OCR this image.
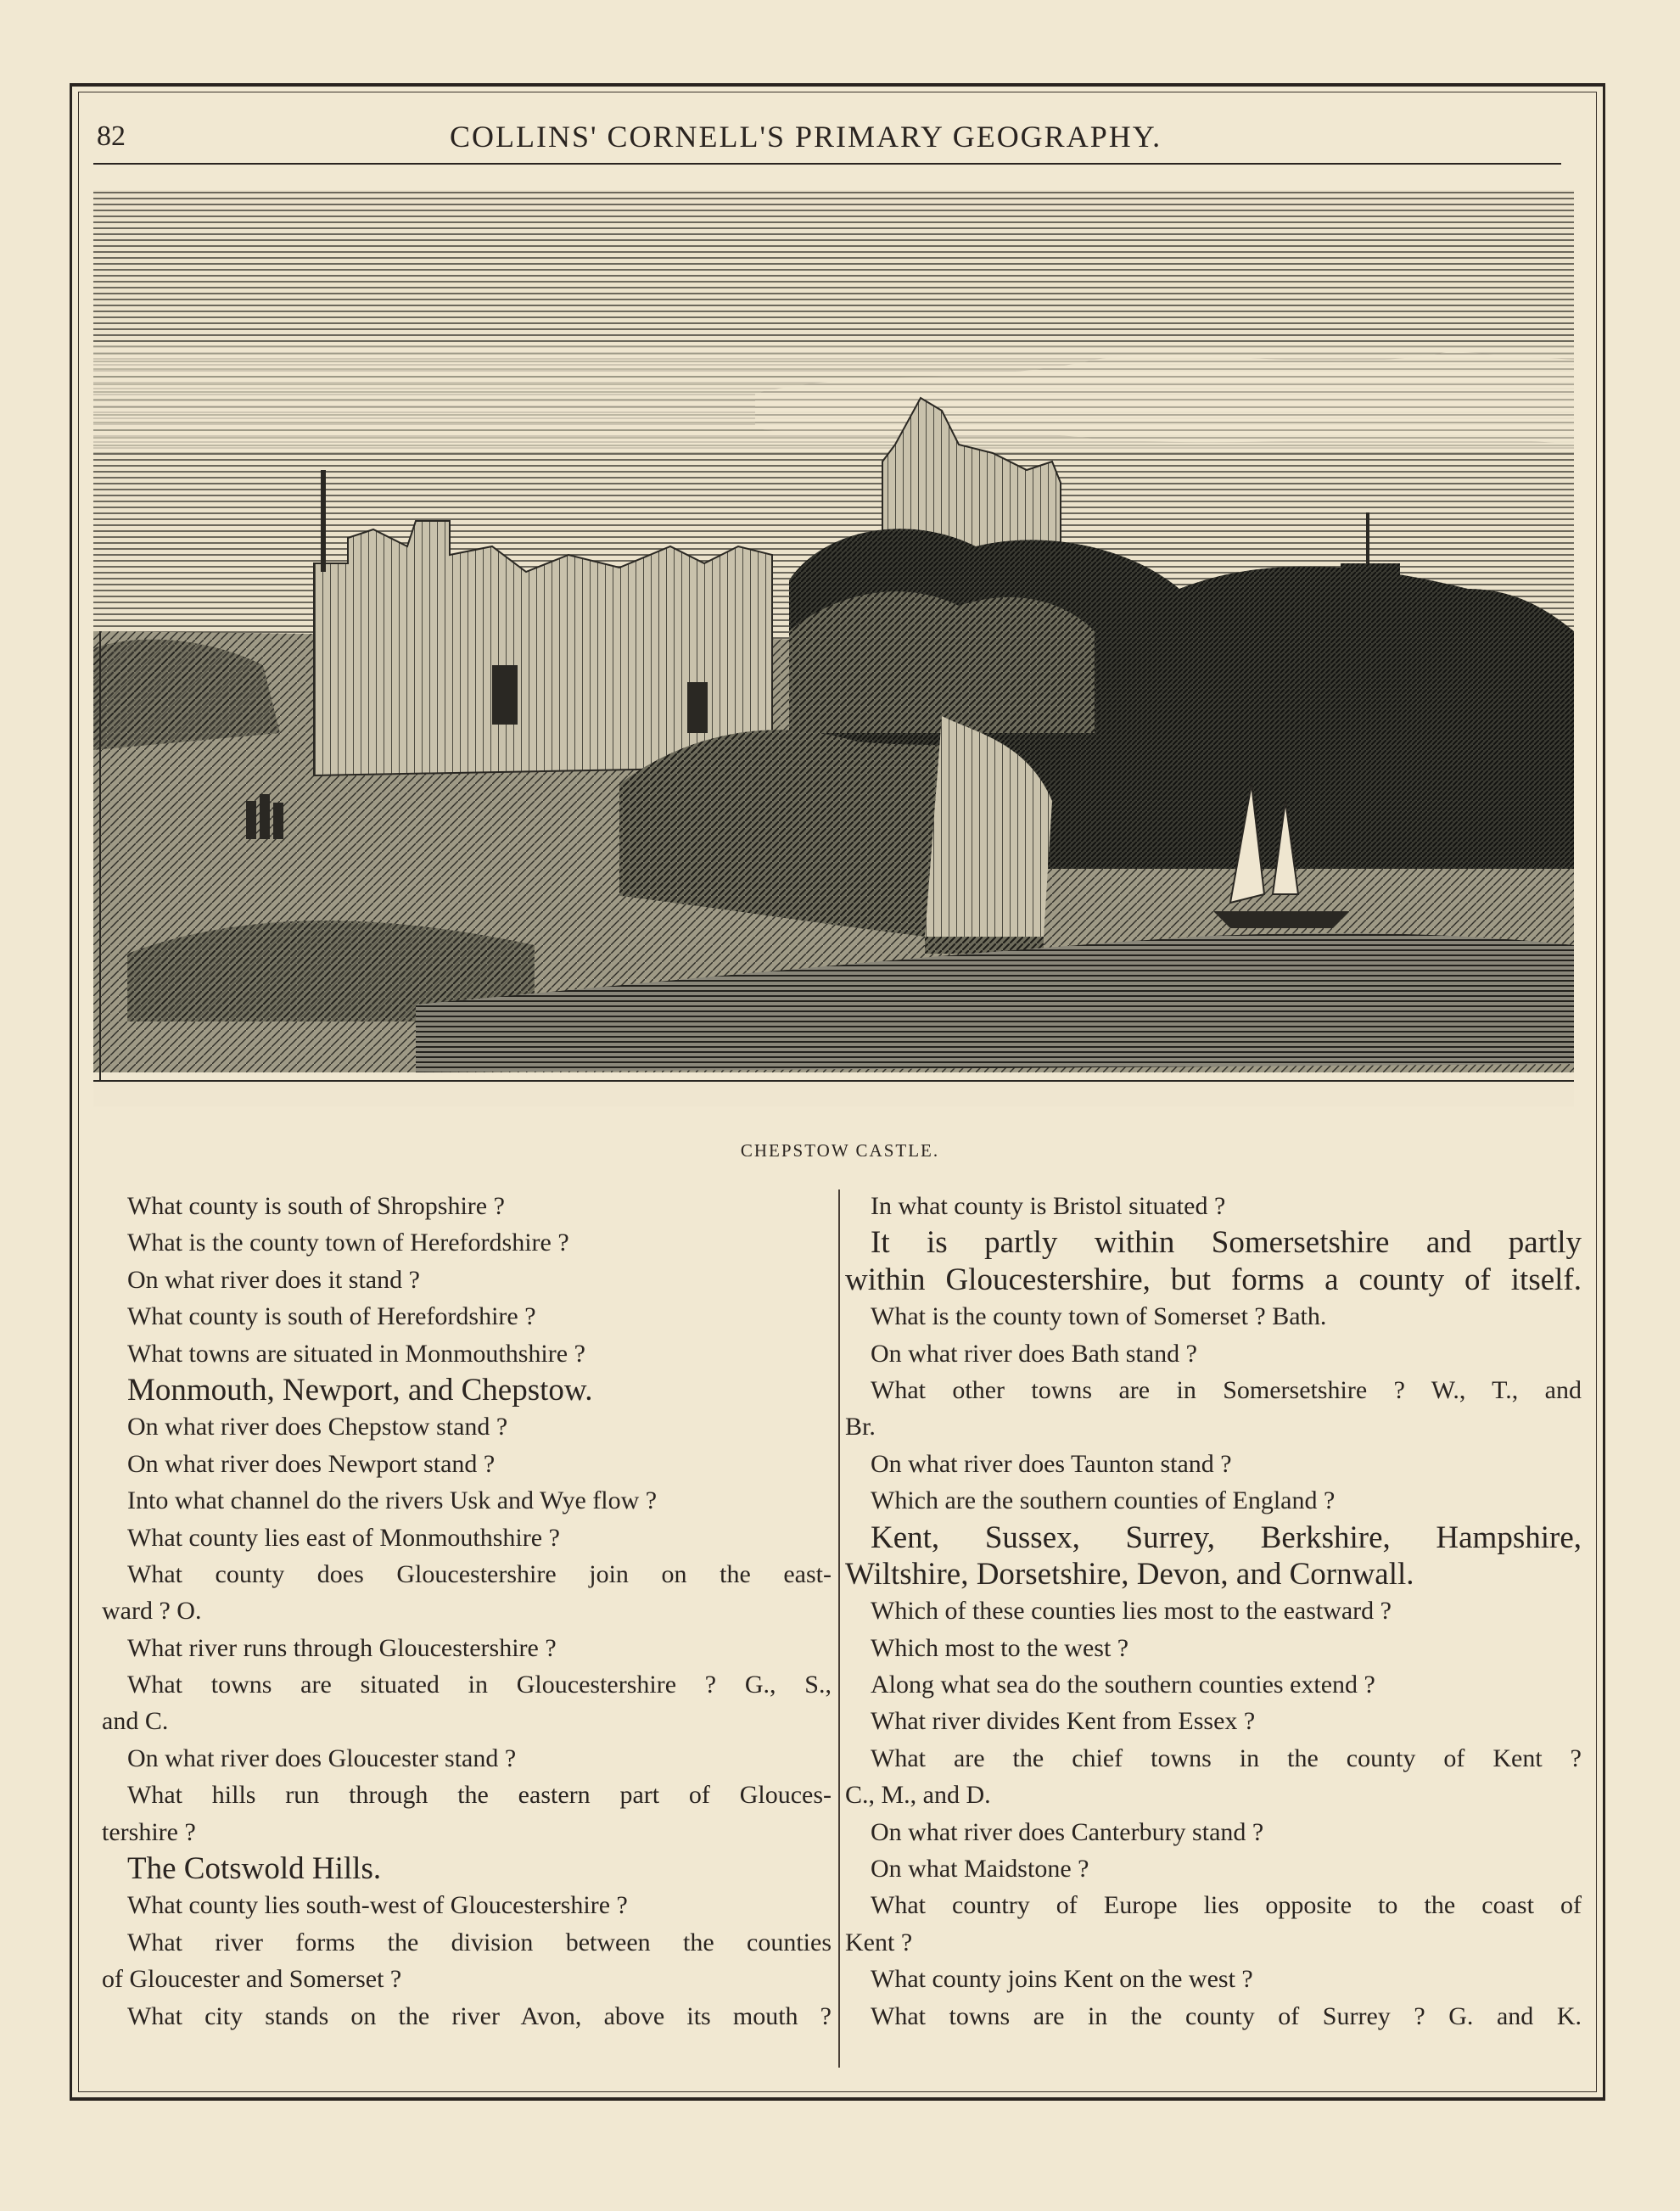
82	COLLINS' CORNELL'S PRIMARY GEOGRAPHY.
CHEPSTOW CASTLE.
What county is south of Shropshire ?
What is the county town of Herefordshire ?
On what river does it stand ?
What county is south of Herefordshire ?
What towns are situated in Monmouthshire ?
Monmouth, Newport, and Chepstow.
On what river does Chepstow stand ?
On what river does Newport stand ?
Into what channel do the rivers Usk and Wye flow ?
What county lies east of Monmouthshire ?
What county does Gloucestershire join on the east-
ward ? O.
What river runs through Gloucestershire ?
What towns are situated in Gloucestershire ? G., S.,
and C.
On what river does Gloucester stand ?
What hills run through the eastern part of Glouces-
tershire ?
The Cotswold Hills.
What county lies south-west of Gloucestershire ?
What river forms the division between the counties
of Gloucester and Somerset ?
What city stands on the river Avon, above its mouth ?
In what county is Bristol situated ?
It is partly within Somersetshire and partly
within Gloucestershire, but forms a county of itself.
What is the county town of Somerset ? Bath.
On what river does Bath stand ?
What other towns are in Somersetshire ? W., T., and
Br.
On what river does Taunton stand ?
Which are the southern counties of England ?
Kent, Sussex, Surrey, Berkshire, Hampshire,
Wiltshire, Dorsetshire, Devon, and Cornwall.
Which of these counties lies most to the eastward ?
Which most to the west ?
Along what sea do the southern counties extend ?
What river divides Kent from Essex ?
What are the chief towns in the county of Kent ?
C., M., and D.
On what river does Canterbury stand ?
On what Maidstone ?
What country of Europe lies opposite to the coast of
Kent ?
What county joins Kent on the west ?
What towns are in the county of Surrey ? G. and K.
